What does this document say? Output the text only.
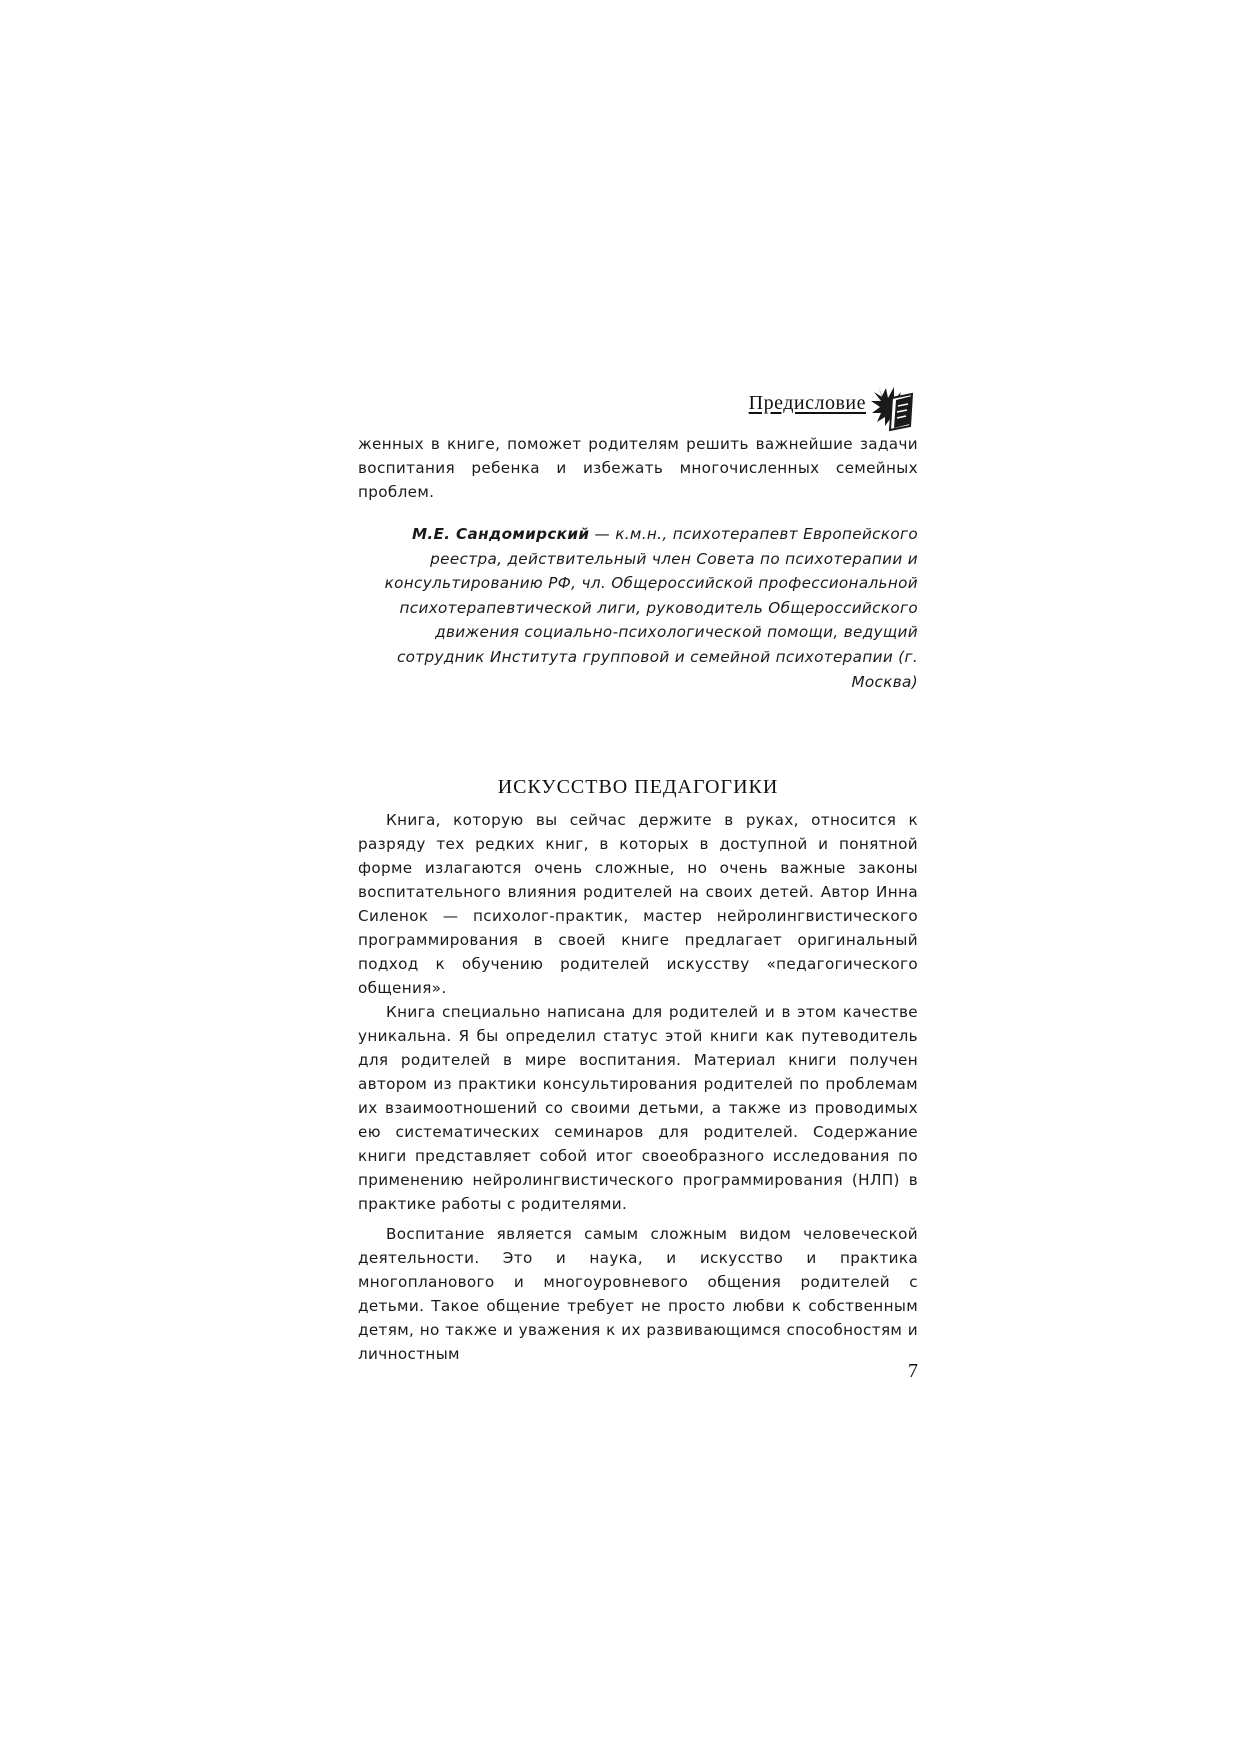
Предисловие

женных в книге, поможет родителям решить важнейшие задачи воспитания ребенка и избежать многочисленных семейных проблем.

М.Е. Сандомирский — к.м.н., психотерапевт Европейского реестра, действительный член Совета по психотерапии и консультированию РФ, чл. Общероссийской профессиональной психотерапевтической лиги, руководитель Общероссийского движения социально-психологической помощи, ведущий сотрудник Института групповой и семейной психотерапии (г. Москва)
ИСКУССТВО ПЕДАГОГИКИ

Книга, которую вы сейчас держите в руках, относится к разряду тех редких книг, в которых в доступной и понятной форме излагаются очень сложные, но очень важные законы воспитательного влияния родителей на своих детей. Автор Инна Силенок — психолог-практик, мастер нейролингвистического программирования в своей книге предлагает оригинальный подход к обучению родителей искусству «педагогического общения».

Книга специально написана для родителей и в этом качестве уникальна. Я бы определил статус этой книги как путеводитель для родителей в мире воспитания. Материал книги получен автором из практики консультирования родителей по проблемам их взаимоотношений со своими детьми, а также из проводимых ею систематических семинаров для родителей. Содержание книги представляет собой итог своеобразного исследования по применению нейролингвистического программирования (НЛП) в практике работы с родителями.

Воспитание является самым сложным видом человеческой деятельности. Это и наука, и искусство и практика многопланового и многоуровневого общения родителей с детьми. Такое общение требует не просто любви к собственным детям, но также и уважения к их развивающимся способностям и личностным

7
